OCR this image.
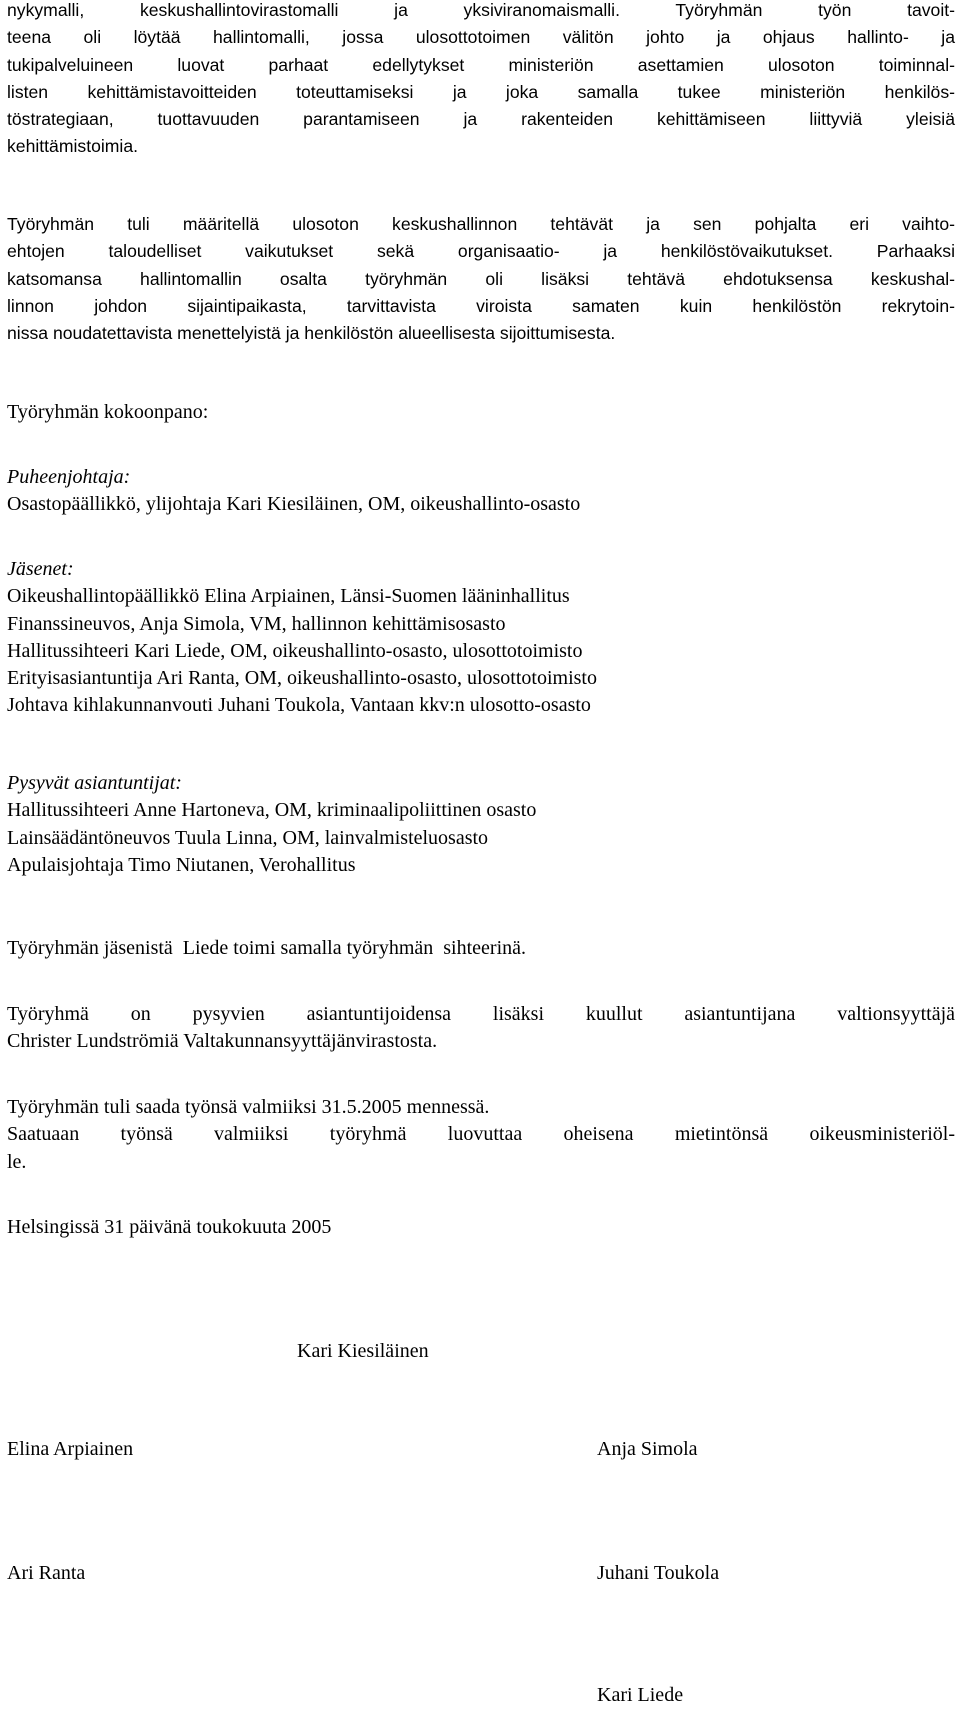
nykymalli, keskushallintovirastomalli ja yksiviranomaismalli. Työryhmän työn tavoit-
teena oli löytää hallintomalli, jossa ulosottotoimen välitön johto ja ohjaus hallinto- ja
tukipalveluineen luovat parhaat edellytykset ministeriön asettamien ulosoton toiminnal-
listen kehittämistavoitteiden toteuttamiseksi ja joka samalla tukee ministeriön henkilös-
töstrategiaan, tuottavuuden parantamiseen ja rakenteiden kehittämiseen liittyviä yleisiä
kehittämistoimia.
Työryhmän tuli määritellä ulosoton keskushallinnon tehtävät ja sen pohjalta eri vaihto-
ehtojen taloudelliset vaikutukset sekä organisaatio- ja henkilöstövaikutukset. Parhaaksi
katsomansa hallintomallin osalta työryhmän oli lisäksi tehtävä ehdotuksensa keskushal-
linnon johdon sijaintipaikasta, tarvittavista viroista samaten kuin henkilöstön rekrytoin-
nissa noudatettavista menettelyistä ja henkilöstön alueellisesta sijoittumisesta.
Työryhmän kokoonpano:
Puheenjohtaja:
Osastopäällikkö, ylijohtaja Kari Kiesiläinen, OM, oikeushallinto-osasto
Jäsenet:
Oikeushallintopäällikkö Elina Arpiainen, Länsi-Suomen lääninhallitus
Finanssineuvos, Anja Simola, VM, hallinnon kehittämisosasto
Hallitussihteeri Kari Liede, OM, oikeushallinto-osasto, ulosottotoimisto
Erityisasiantuntija Ari Ranta, OM, oikeushallinto-osasto, ulosottotoimisto
Johtava kihlakunnanvouti Juhani Toukola, Vantaan kkv:n ulosotto-osasto
Pysyvät asiantuntijat:
Hallitussihteeri Anne Hartoneva, OM, kriminaalipoliittinen osasto
Lainsäädäntöneuvos Tuula Linna, OM, lainvalmisteluosasto
Apulaisjohtaja Timo Niutanen, Verohallitus
Työryhmän jäsenistä  Liede toimi samalla työryhmän  sihteerinä.
Työryhmä on pysyvien asiantuntijoidensa lisäksi kuullut asiantuntijana valtionsyyttäjä
Christer Lundströmiä Valtakunnansyyttäjänvirastosta.
Työryhmän tuli saada työnsä valmiiksi 31.5.2005 mennessä.
Saatuaan työnsä valmiiksi työryhmä luovuttaa oheisena mietintönsä oikeusministeriöl-
le.
Helsingissä 31 päivänä toukokuuta 2005
Kari Kiesiläinen
Elina Arpiainen	Anja Simola
Ari Ranta	Juhani Toukola
Kari Liede
